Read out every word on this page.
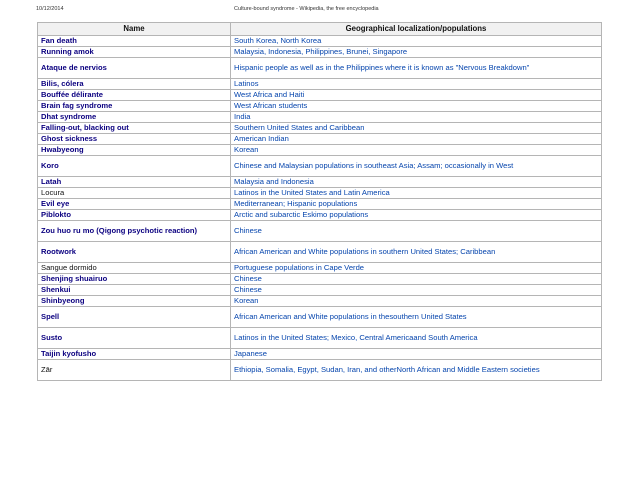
10/12/2014	Culture-bound syndrome - Wikipedia, the free encyclopedia
Name	Geographical localization/populations
Fan death	South Korea, North Korea
Running amok	Malaysia, Indonesia, Philippines, Brunei, Singapore
Ataque de nervios	Hispanic people as well as in the Philippines where it is known as "Nervous Breakdown"
Bilis, cólera	Latinos
Bouffée délirante	West Africa and Haiti
Brain fag syndrome	West African students
Dhat syndrome	India
Falling-out, blacking out	Southern United States and Caribbean
Ghost sickness	American Indian
Hwabyeong	Korean
Koro	Chinese and Malaysian populations in southeast Asia; Assam; occasionally in West
Latah	Malaysia and Indonesia
Locura	Latinos in the United States and Latin America
Evil eye	Mediterranean; Hispanic populations
Piblokto	Arctic and subarctic Eskimo populations
Zou huo ru mo (Qigong psychotic reaction)	Chinese
Rootwork	African American and White populations in southern United States; Caribbean
Sangue dormido	Portuguese populations in Cape Verde
Shenjing shuairuo	Chinese
Shenkui	Chinese
Shinbyeong	Korean
Spell	African American and White populations in thesouthern United States
Susto	Latinos in the United States; Mexico, Central Americaand South America
Taijin kyofusho	Japanese
Zār	Ethiopia, Somalia, Egypt, Sudan, Iran, and otherNorth African and Middle Eastern societies
